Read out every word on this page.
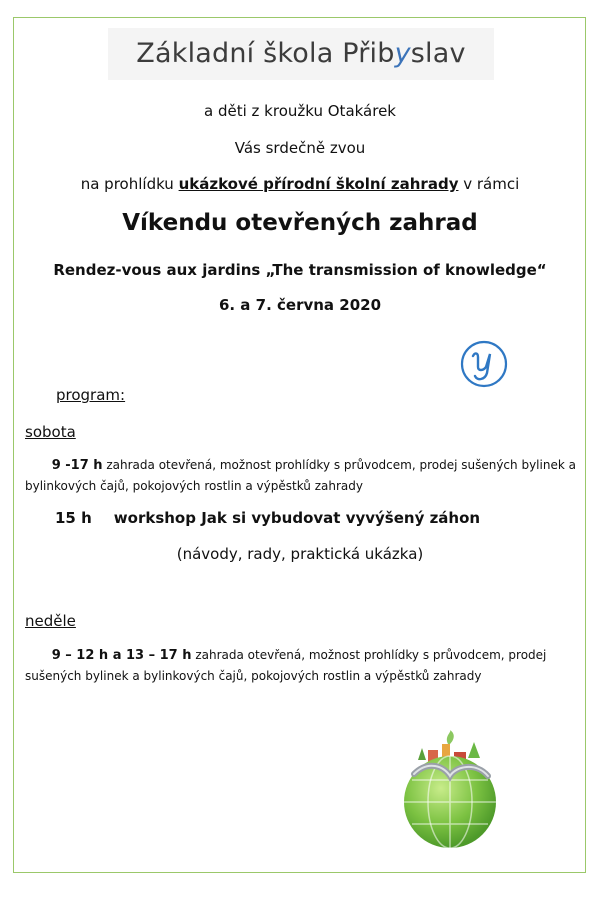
Základní škola Přibyslav
a děti z kroužku Otakárek
Vás srdečně zvou
na prohlídku ukázkové přírodní školní zahrady v rámci
Víkendu otevřených zahrad
Rendez-vous aux jardins „The transmission of knowledge“
6. a 7. června 2020
program:
sobota
9 -17 h zahrada otevřená, možnost prohlídky s průvodcem, prodej sušených bylinek a bylinkových čajů, pokojových rostlin a výpěstků zahrady
15 h workshop Jak si vybudovat vyvýšený záhon
(návody, rady, praktická ukázka)
neděle
9 – 12 h a 13 – 17 h zahrada otevřená, možnost prohlídky s průvodcem, prodej sušených bylinek a bylinkových čajů, pokojových rostlin a výpěstků zahrady
